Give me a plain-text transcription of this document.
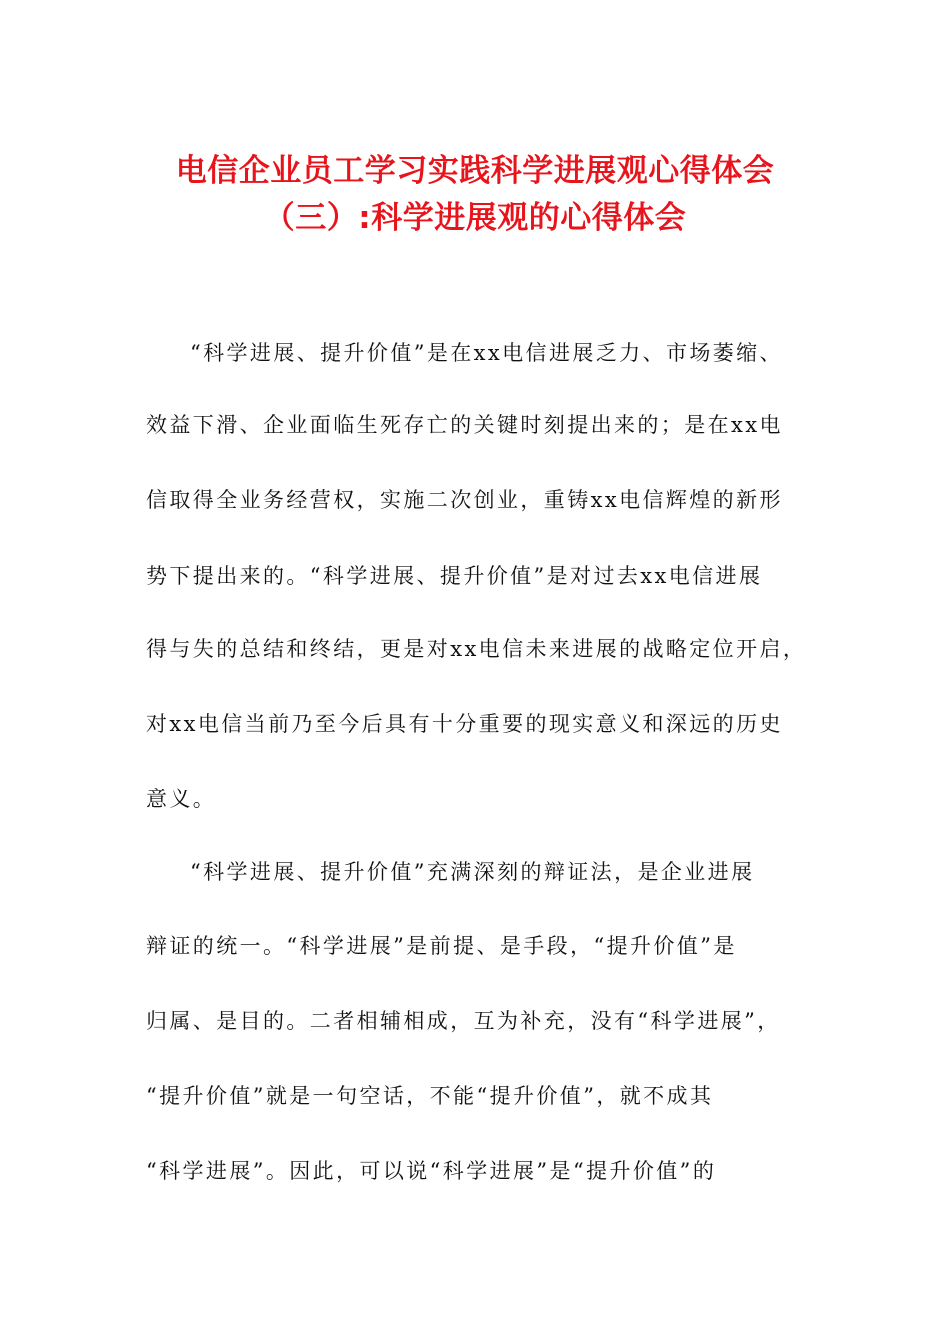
电信企业员工学习实践科学进展观心得体会
（三）:科学进展观的心得体会
“科学进展、提升价值”是在xx电信进展乏力、市场萎缩、
效益下滑、企业面临生死存亡的关键时刻提出来的；是在xx电
信取得全业务经营权，实施二次创业，重铸xx电信辉煌的新形
势下提出来的。“科学进展、提升价值”是对过去xx电信进展
得与失的总结和终结，更是对xx电信未来进展的战略定位开启，
对xx电信当前乃至今后具有十分重要的现实意义和深远的历史
意义。
“科学进展、提升价值”充满深刻的辩证法，是企业进展
辩证的统一。“科学进展”是前提、是手段，“提升价值”是
归属、是目的。二者相辅相成，互为补充，没有“科学进展”，
“提升价值”就是一句空话，不能“提升价值”，就不成其
“科学进展”。因此，可以说“科学进展”是“提升价值”的
